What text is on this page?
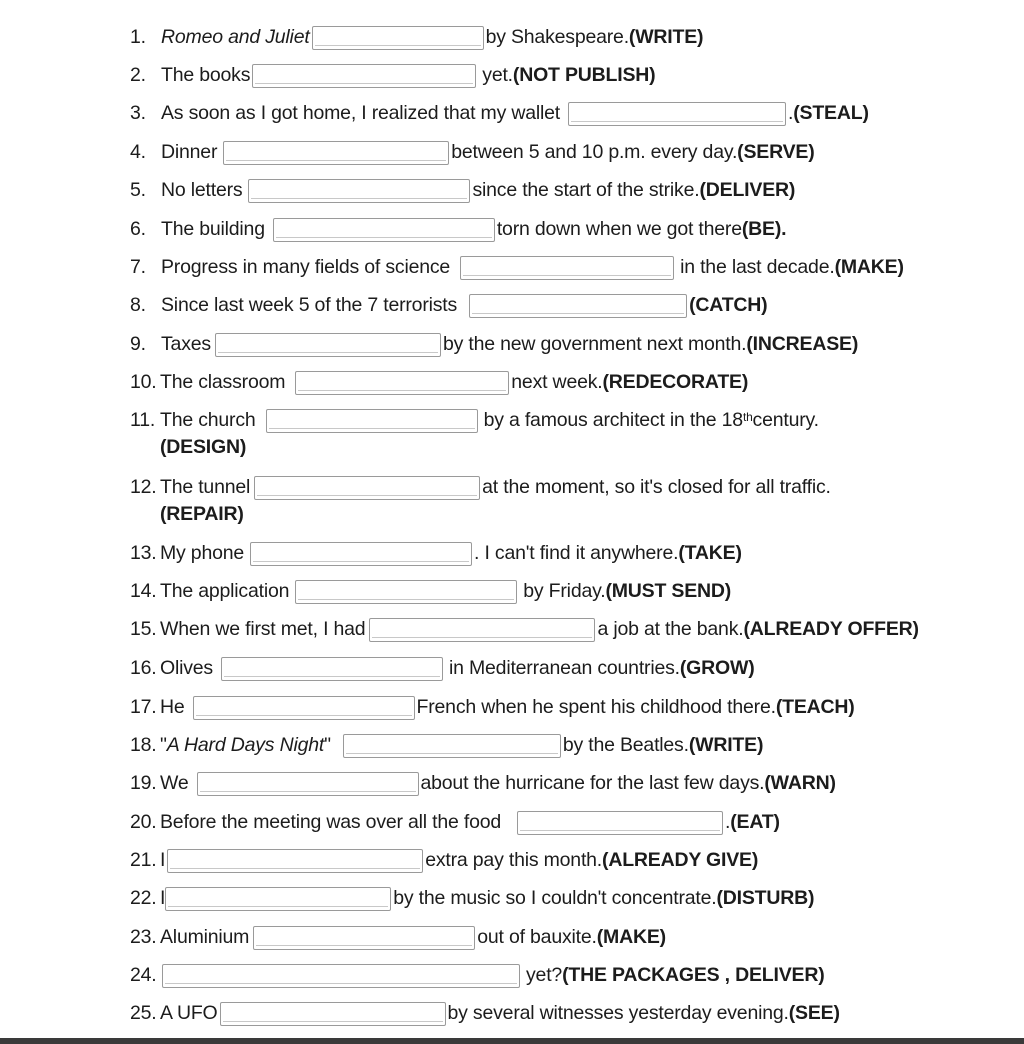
1. Romeo and Juliet	by Shakespeare. (WRITE)
2. The books	yet. (NOT PUBLISH)
3. As soon as I got home, I realized that my wallet	. (STEAL)
4. Dinner	between 5 and 10 p.m. every day. (SERVE)
5. No letters	since the start of the strike. (DELIVER)
6. The building	torn down when we got there (BE).
7. Progress in many fields of science	in the last decade. (MAKE)
8. Since last week 5 of the 7 terrorists	(CATCH)
9. Taxes	by the new government next month. (INCREASE)
10. The classroom	next week. (REDECORATE)
11. The church	by a famous architect in the 18th century.
(DESIGN)
12. The tunnel	at the moment, so it's closed for all traffic.
(REPAIR)
13. My phone	. I can't find it anywhere. (TAKE)
14. The application	by Friday. (MUST SEND)
15. When we first met, I had	a job at the bank. (ALREADY OFFER)
16. Olives	in Mediterranean countries. (GROW)
17. He	French when he spent his childhood there. (TEACH)
18. " A Hard Days Night "	by the Beatles. (WRITE)
19. We	about the hurricane for the last few days. (WARN)
20. Before the meeting was over all the food	. (EAT)
21. I	extra pay this month. (ALREADY GIVE)
22. I	by the music so I couldn't concentrate. (DISTURB)
23. Aluminium	out of bauxite. (MAKE)
24.	yet? (THE PACKAGES , DELIVER)
25. A UFO	by several witnesses yesterday evening. (SEE)
